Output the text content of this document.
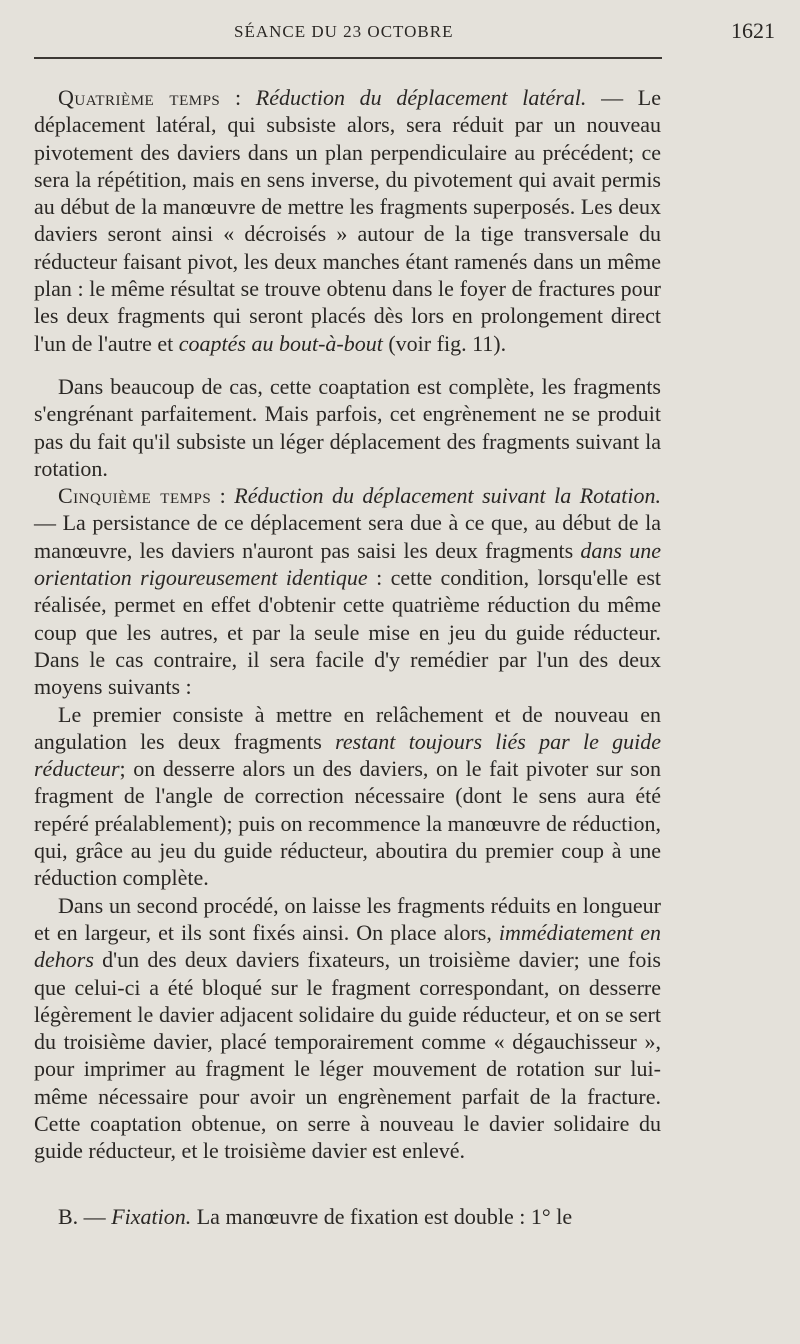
SÉANCE DU 23 OCTOBRE	1621

Quatrième temps : Réduction du déplacement latéral. — Le déplacement latéral, qui subsiste alors, sera réduit par un nouveau pivotement des daviers dans un plan perpendiculaire au précédent; ce sera la répétition, mais en sens inverse, du pivotement qui avait permis au début de la manœuvre de mettre les fragments superposés. Les deux daviers seront ainsi « décroisés » autour de la tige transversale du réducteur faisant pivot, les deux manches étant ramenés dans un même plan : le même résultat se trouve obtenu dans le foyer de fractures pour les deux fragments qui seront placés dès lors en prolongement direct l'un de l'autre et coaptés au bout-à-bout (voir fig. 11).

Dans beaucoup de cas, cette coaptation est complète, les fragments s'engrénant parfaitement. Mais parfois, cet engrènement ne se produit pas du fait qu'il subsiste un léger déplacement des fragments suivant la rotation.

Cinquième temps : Réduction du déplacement suivant la Rotation. — La persistance de ce déplacement sera due à ce que, au début de la manœuvre, les daviers n'auront pas saisi les deux fragments dans une orientation rigoureusement identique : cette condition, lorsqu'elle est réalisée, permet en effet d'obtenir cette quatrième réduction du même coup que les autres, et par la seule mise en jeu du guide réducteur. Dans le cas contraire, il sera facile d'y remédier par l'un des deux moyens suivants :

Le premier consiste à mettre en relâchement et de nouveau en angulation les deux fragments restant toujours liés par le guide réducteur; on desserre alors un des daviers, on le fait pivoter sur son fragment de l'angle de correction nécessaire (dont le sens aura été repéré préalablement); puis on recommence la manœuvre de réduction, qui, grâce au jeu du guide réducteur, aboutira du premier coup à une réduction complète.

Dans un second procédé, on laisse les fragments réduits en longueur et en largeur, et ils sont fixés ainsi. On place alors, immédiatement en dehors d'un des deux daviers fixateurs, un troisième davier; une fois que celui-ci a été bloqué sur le fragment correspondant, on desserre légèrement le davier adjacent solidaire du guide réducteur, et on se sert du troisième davier, placé temporairement comme « dégauchisseur », pour imprimer au fragment le léger mouvement de rotation sur lui-même nécessaire pour avoir un engrènement parfait de la fracture. Cette coaptation obtenue, on serre à nouveau le davier solidaire du guide réducteur, et le troisième davier est enlevé.

B. — Fixation. La manœuvre de fixation est double : 1° le
